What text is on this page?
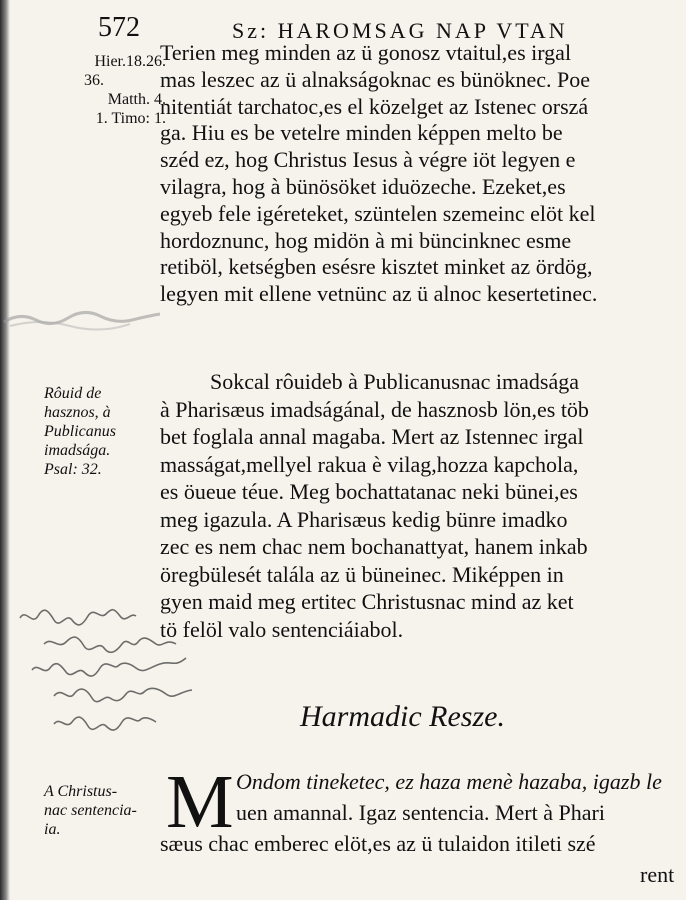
572	Sz: HAROMSAG NAP VTAN
Hier.18.26.
36.
Matth. 4.
1. Timo: 1.
Terien meg minden az ü gonosz vtaitul,es irgal
mas leszec az ü alnakságoknac es bünöknec. Poe
nitentiát tarchatoc,es el közelget az Istenec orszá
ga. Hiu es be vetelre minden képpen melto be
széd ez, hog Christus Iesus à végre iöt legyen e
vilagra, hog à bünösöket iduözeche. Ezeket,es
egyeb fele igéreteket, szüntelen szemeinc elöt kel
hordoznunc, hog midön à mi büncinknec esme
retiböl, ketségben esésre kisztet minket az ördög,
legyen mit ellene vetnünc az ü alnoc kesertetinec.
Rôuid de
hasznos, à
Publicanus
imadsága.
Psal: 32.
Sokcal rôuideb à Publicanusnac imadsága
à Pharisæus imadságánal, de hasznosb lön,es töb
bet foglala annal magaba. Mert az Istennec irgal
masságat,mellyel rakua è vilag,hozza kapchola,
es öueue téue. Meg bochattatanac neki bünei,es
meg igazula. A Pharisæus kedig bünre imadko
zec es nem chac nem bochanattyat, hanem inkab
öregbülesét talála az ü büneinec. Miképpen in
gyen maid meg ertitec Christusnac mind az ket
tö felöl valo sentenciáiabol.
Harmadic Resze.
A Christus-
nac sentencia-
ia.	M Ondom tineketec, ez haza menè hazaba, igazb le
uen amannal. Igaz sentencia. Mert à Phari
sæus chac emberec elöt,es az ü tulaidon itileti szé
rent
